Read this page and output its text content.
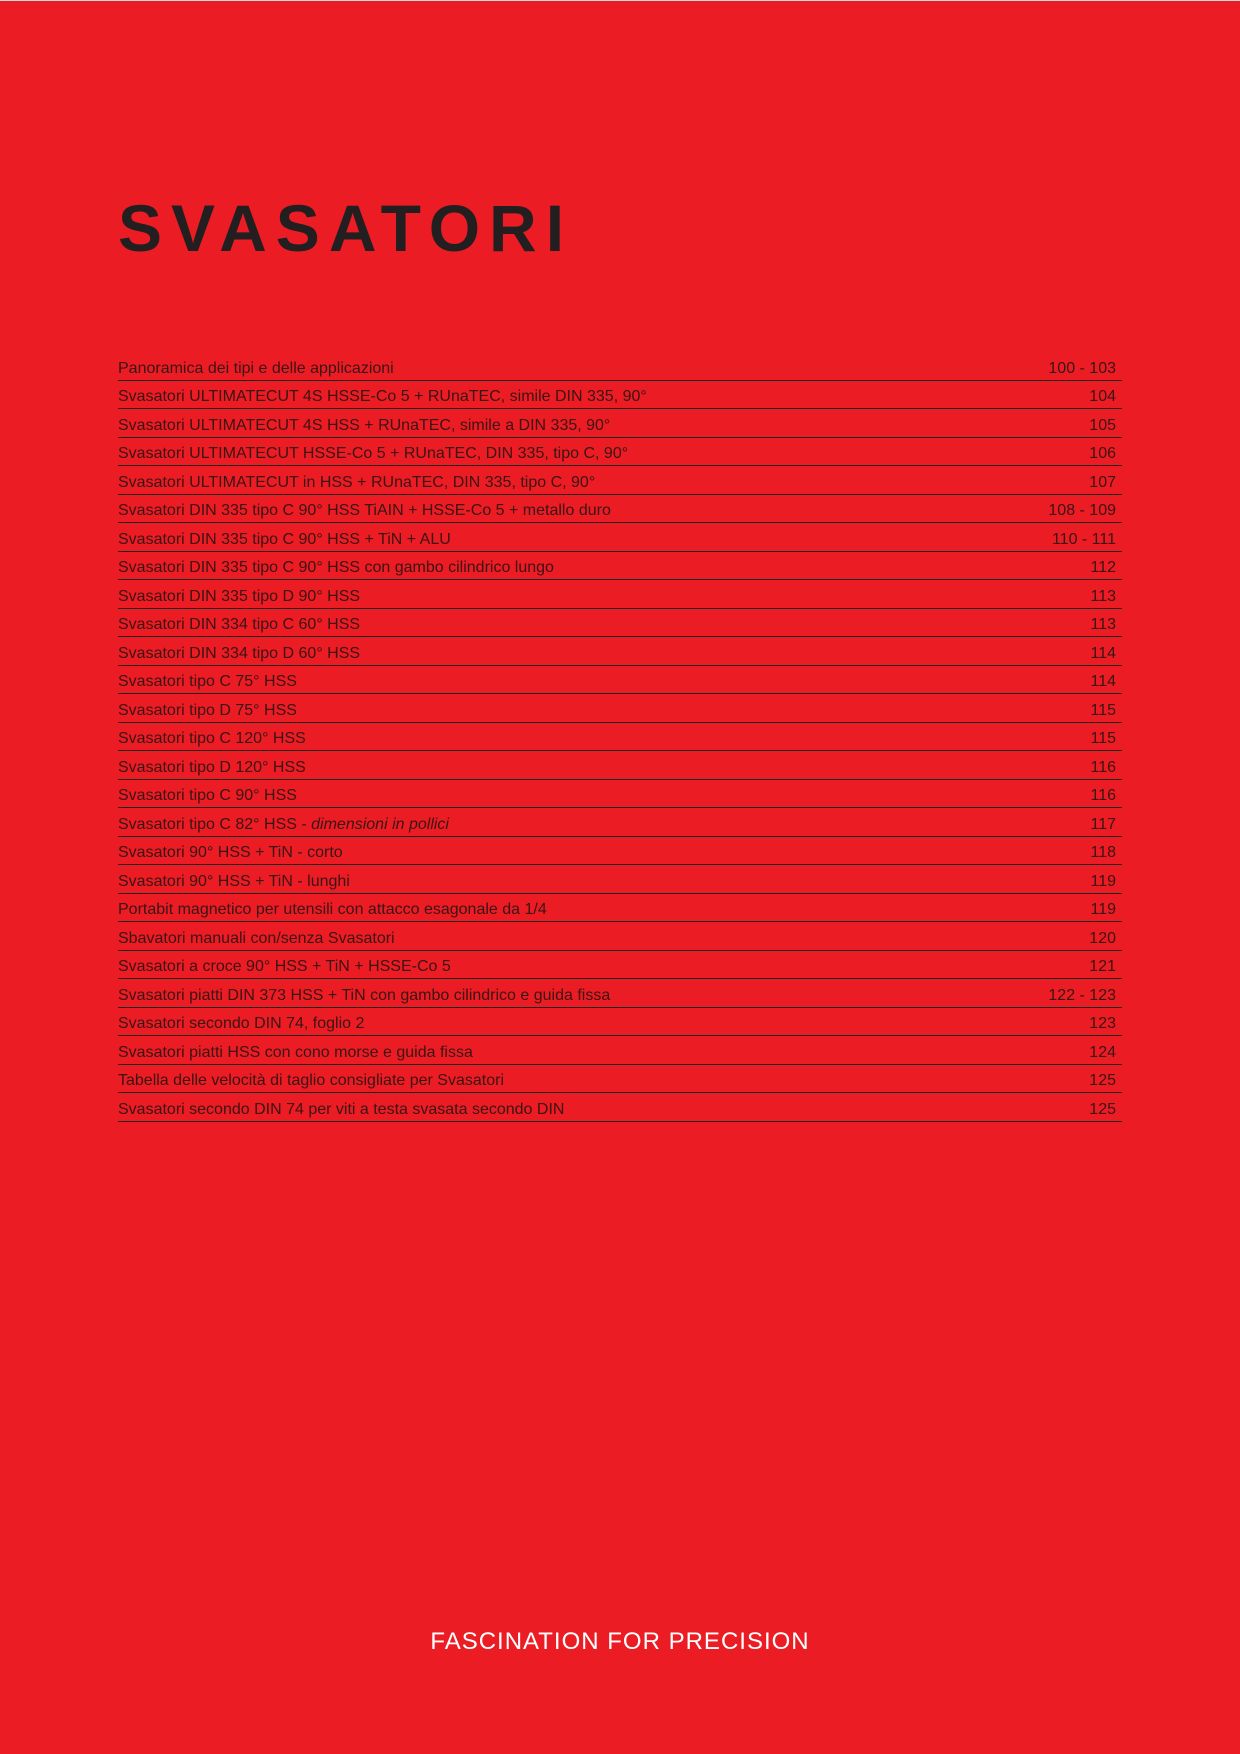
SVASATORI
Panoramica dei tipi e delle applicazioni	100 - 103
Svasatori ULTIMATECUT 4S HSSE-Co 5 + RUnaTEC, simile DIN 335, 90°	104
Svasatori ULTIMATECUT 4S HSS + RUnaTEC, simile a DIN 335, 90°	105
Svasatori ULTIMATECUT HSSE-Co 5 + RUnaTEC, DIN 335, tipo C, 90°	106
Svasatori ULTIMATECUT in HSS + RUnaTEC, DIN 335, tipo C, 90°	107
Svasatori DIN 335 tipo C 90° HSS TiAIN + HSSE-Co 5 + metallo duro	108 - 109
Svasatori DIN 335 tipo C 90° HSS + TiN + ALU	110 - 111
Svasatori DIN 335 tipo C 90° HSS con gambo cilindrico lungo	112
Svasatori DIN 335 tipo D 90° HSS	113
Svasatori DIN 334 tipo C 60° HSS	113
Svasatori DIN 334 tipo D 60° HSS	114
Svasatori tipo C 75° HSS	114
Svasatori tipo D 75° HSS	115
Svasatori tipo C 120° HSS	115
Svasatori tipo D 120° HSS	116
Svasatori tipo C 90° HSS	116
Svasatori tipo C 82° HSS - dimensioni in pollici	117
Svasatori 90° HSS + TiN - corto	118
Svasatori 90° HSS + TiN - lunghi	119
Portabit magnetico per utensili con attacco esagonale da 1/4	119
Sbavatori manuali con/senza Svasatori	120
Svasatori a croce 90° HSS + TiN + HSSE-Co 5	121
Svasatori piatti DIN 373 HSS + TiN con gambo cilindrico e guida fissa	122 - 123
Svasatori secondo DIN 74, foglio 2	123
Svasatori piatti HSS con cono morse e guida fissa	124
Tabella delle velocità di taglio consigliate per Svasatori	125
Svasatori secondo DIN 74 per viti a testa svasata secondo DIN	125
FASCINATION FOR PRECISION
